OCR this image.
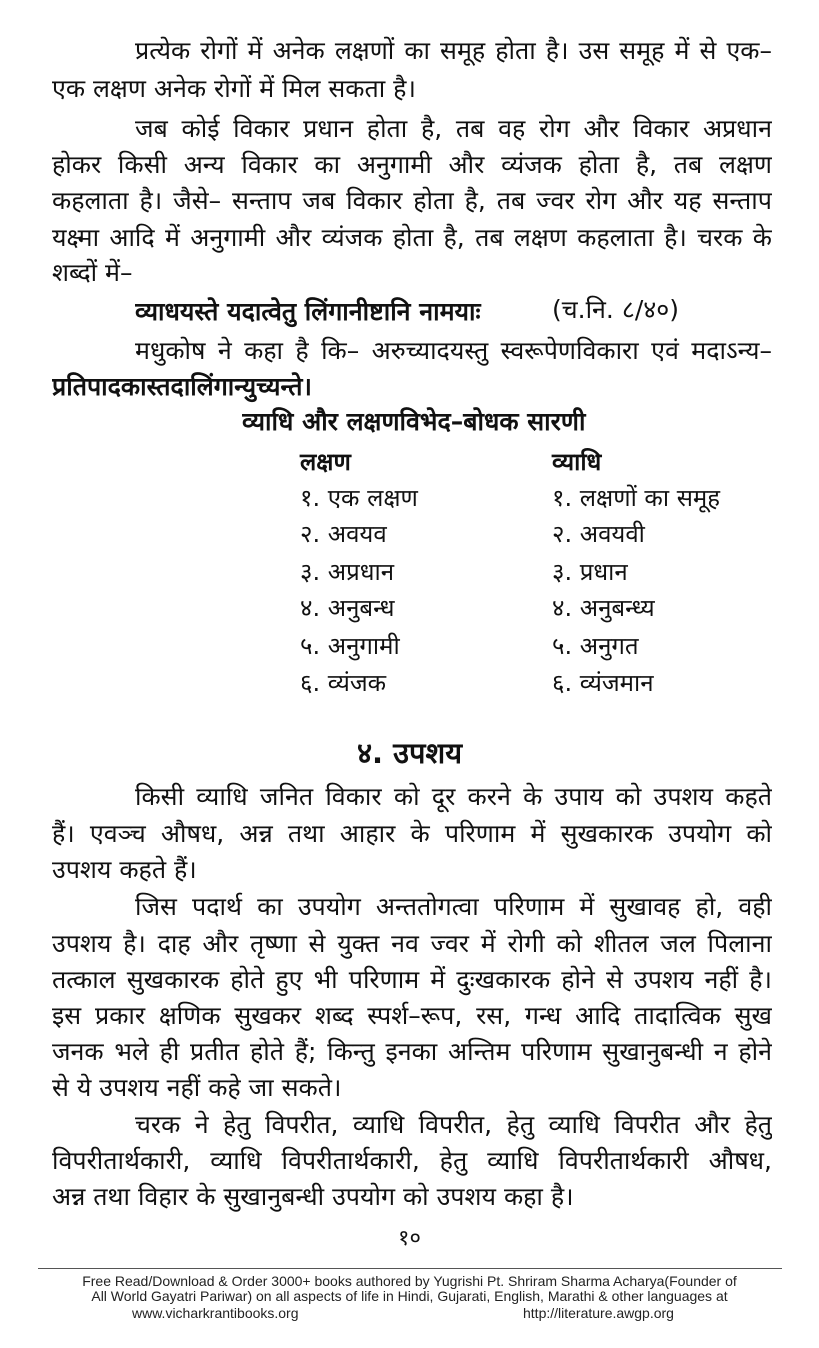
प्रत्येक रोगों में अनेक लक्षणों का समूह होता है। उस समूह में से एक–
एक लक्षण अनेक रोगों में मिल सकता है।
जब कोई विकार प्रधान होता है, तब वह रोग और विकार अप्रधान
होकर किसी अन्य विकार का अनुगामी और व्यंजक होता है, तब लक्षण
कहलाता है। जैसे– सन्ताप जब विकार होता है, तब ज्वर रोग और यह सन्ताप
यक्ष्मा आदि में अनुगामी और व्यंजक होता है, तब लक्षण कहलाता है। चरक के
शब्दों में–
व्याधयस्ते यदात्वेतु लिंगानीष्टानि नामयाः	(च.नि. ८/४०)
मधुकोष ने कहा है कि– अरुच्यादयस्तु स्वरूपेणविकारा एवं मदाऽन्य–
प्रतिपादकास्तदालिंगान्युच्यन्ते।
व्याधि और लक्षणविभेद–बोधक सारणी
लक्षण	व्याधि
१. एक लक्षण	१. लक्षणों का समूह
२. अवयव	२. अवयवी
३. अप्रधान	३. प्रधान
४. अनुबन्ध	४. अनुबन्ध्य
५. अनुगामी	५. अनुगत
६. व्यंजक	६. व्यंजमान
४. उपशय
किसी व्याधि जनित विकार को दूर करने के उपाय को उपशय कहते
हैं। एवञ्च औषध, अन्न तथा आहार के परिणाम में सुखकारक उपयोग को
उपशय कहते हैं।
जिस पदार्थ का उपयोग अन्ततोगत्वा परिणाम में सुखावह हो, वही
उपशय है। दाह और तृष्णा से युक्त नव ज्वर में रोगी को शीतल जल पिलाना
तत्काल सुखकारक होते हुए भी परिणाम में दुःखकारक होने से उपशय नहीं है।
इस प्रकार क्षणिक सुखकर शब्द स्पर्श–रूप, रस, गन्ध आदि तादात्विक सुख
जनक भले ही प्रतीत होते हैं; किन्तु इनका अन्तिम परिणाम सुखानुबन्धी न होने
से ये उपशय नहीं कहे जा सकते।
चरक ने हेतु विपरीत, व्याधि विपरीत, हेतु व्याधि विपरीत और हेतु
विपरीतार्थकारी, व्याधि विपरीतार्थकारी, हेतु व्याधि विपरीतार्थकारी औषध,
अन्न तथा विहार के सुखानुबन्धी उपयोग को उपशय कहा है।
१०
Free Read/Download & Order 3000+ books authored by Yugrishi Pt. Shriram Sharma Acharya(Founder of
All World Gayatri Pariwar) on all aspects of life in Hindi, Gujarati, English, Marathi & other languages at
www.vicharkrantibooks.org	http://literature.awgp.org
